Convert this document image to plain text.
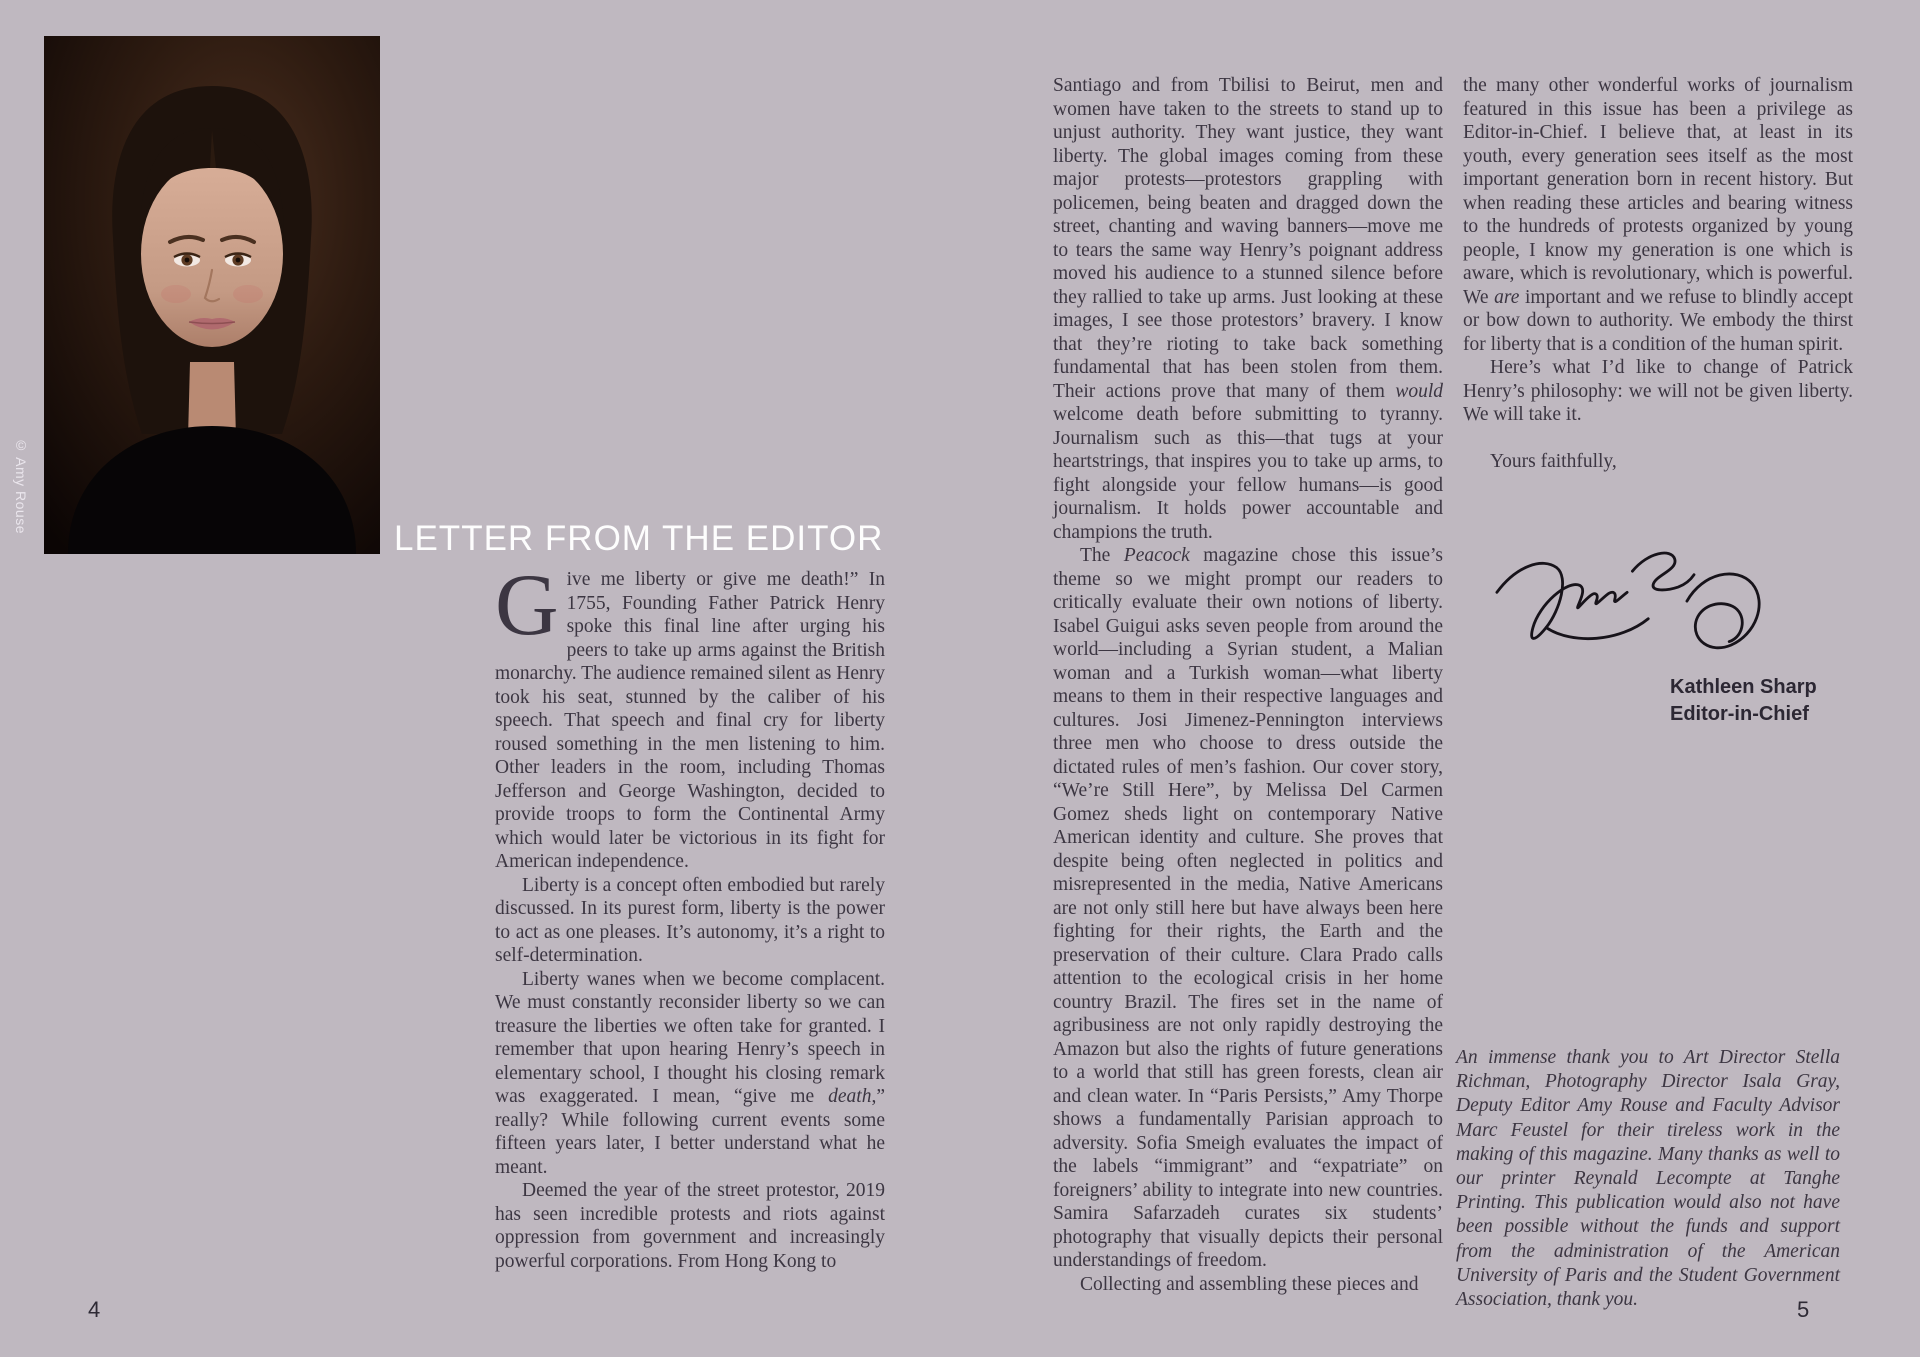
© Amy Rouse
LETTER FROM THE EDITOR

Give me liberty or give me death!” In 1755, Founding Father Patrick Henry spoke this final line after urging his peers to take up arms against the British monarchy. The audience remained silent as Henry took his seat, stunned by the caliber of his speech. That speech and final cry for liberty roused something in the men listening to him. Other leaders in the room, including Thomas Jefferson and George Washington, decided to provide troops to form the Continental Army which would later be victorious in its fight for American independence.

Liberty is a concept often embodied but rarely discussed. In its purest form, liberty is the power to act as one pleases. It’s autonomy, it’s a right to self-determination.

Liberty wanes when we become complacent. We must constantly reconsider liberty so we can treasure the liberties we often take for granted. I remember that upon hearing Henry’s speech in elementary school, I thought his closing remark was exaggerated. I mean, “give me death,” really? While following current events some fifteen years later, I better understand what he meant.

Deemed the year of the street protestor, 2019 has seen incredible protests and riots against oppression from government and increasingly powerful corporations. From Hong Kong to

Santiago and from Tbilisi to Beirut, men and women have taken to the streets to stand up to unjust authority. They want justice, they want liberty. The global images coming from these major protests—protestors grappling with policemen, being beaten and dragged down the street, chanting and waving banners—move me to tears the same way Henry’s poignant address moved his audience to a stunned silence before they rallied to take up arms. Just looking at these images, I see those protestors’ bravery. I know that they’re rioting to take back something fundamental that has been stolen from them. Their actions prove that many of them would welcome death before submitting to tyranny. Journalism such as this—that tugs at your heartstrings, that inspires you to take up arms, to fight alongside your fellow humans—is good journalism. It holds power accountable and champions the truth.

The Peacock magazine chose this issue’s theme so we might prompt our readers to critically evaluate their own notions of liberty. Isabel Guigui asks seven people from around the world—including a Syrian student, a Malian woman and a Turkish woman—what liberty means to them in their respective languages and cultures. Josi Jimenez-Pennington interviews three men who choose to dress outside the dictated rules of men’s fashion. Our cover story, “We’re Still Here”, by Melissa Del Carmen Gomez sheds light on contemporary Native American identity and culture. She proves that despite being often neglected in politics and misrepresented in the media, Native Americans are not only still here but have always been here fighting for their rights, the Earth and the preservation of their culture. Clara Prado calls attention to the ecological crisis in her home country Brazil. The fires set in the name of agribusiness are not only rapidly destroying the Amazon but also the rights of future generations to a world that still has green forests, clean air and clean water. In “Paris Persists,” Amy Thorpe shows a fundamentally Parisian approach to adversity. Sofia Smeigh evaluates the impact of the labels “immigrant” and “expatriate” on foreigners’ ability to integrate into new countries. Samira Safarzadeh curates six students’ photography that visually depicts their personal understandings of freedom.

Collecting and assembling these pieces and

the many other wonderful works of journalism featured in this issue has been a privilege as Editor-in-Chief. I believe that, at least in its youth, every generation sees itself as the most important generation born in recent history. But when reading these articles and bearing witness to the hundreds of protests organized by young people, I know my generation is one which is aware, which is revolutionary, which is powerful. We are important and we refuse to blindly accept or bow down to authority. We embody the thirst for liberty that is a condition of the human spirit.

Here’s what I’d like to change of Patrick Henry’s philosophy: we will not be given liberty. We will take it.

Yours faithfully,

Kathleen Sharp
Editor-in-Chief
An immense thank you to Art Director Stella Richman, Photography Director Isala Gray, Deputy Editor Amy Rouse and Faculty Advisor Marc Feustel for their tireless work in the making of this magazine. Many thanks as well to our printer Reynald Lecompte at Tanghe Printing. This publication would also not have been possible without the funds and support from the administration of the American University of Paris and the Student Government Association, thank you.
4	5
